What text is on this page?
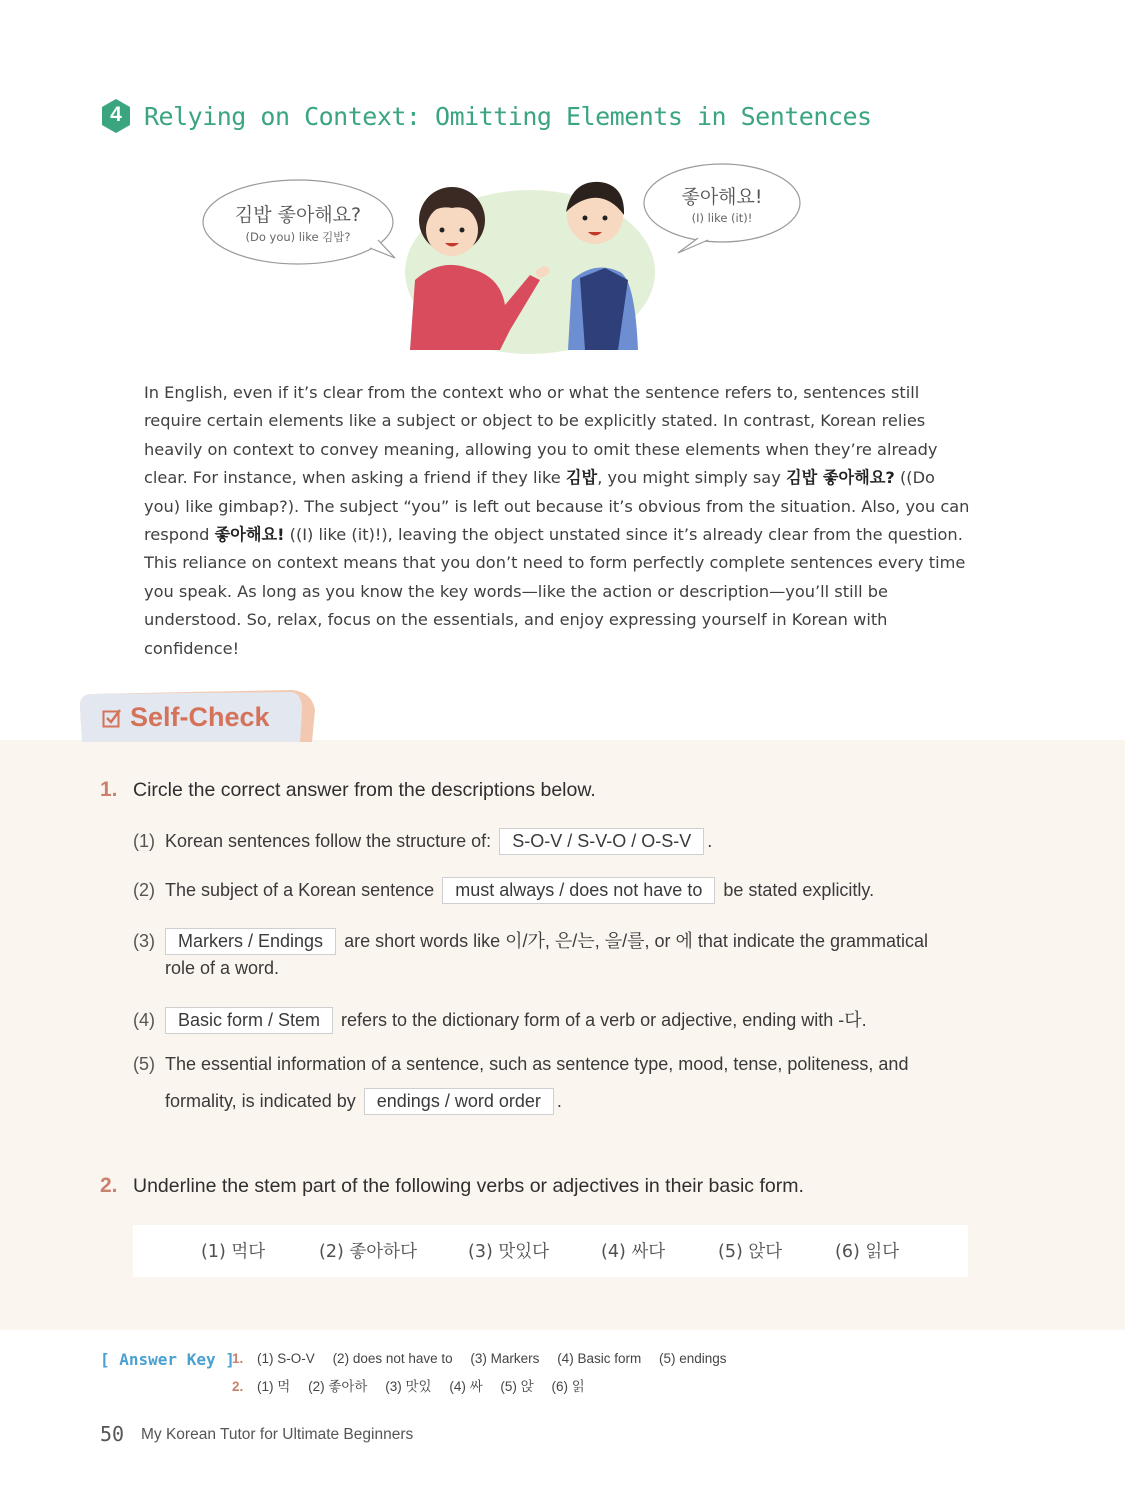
4 Relying on Context: Omitting Elements in Sentences
김밥 좋아해요?
(Do you) like 김밥?
좋아해요!
(I) like (it)!
In English, even if it’s clear from the context who or what the sentence refers to, sentences still require certain elements like a subject or object to be explicitly stated. In contrast, Korean relies heavily on context to convey meaning, allowing you to omit these elements when they’re already clear. For instance, when asking a friend if they like 김밥, you might simply say 김밥 좋아해요? ((Do you) like gimbap?). The subject “you” is left out because it’s obvious from the situation. Also, you can respond 좋아해요! ((I) like (it)!), leaving the object unstated since it’s already clear from the question. This reliance on context means that you don’t need to form perfectly complete sentences every time you speak. As long as you know the key words—like the action or description—you’ll still be understood. So, relax, focus on the essentials, and enjoy expressing yourself in Korean with confidence!
Self-Check
1. Circle the correct answer from the descriptions below.
(1) Korean sentences follow the structure of: S-O-V / S-V-O / O-S-V .
(2) The subject of a Korean sentence must always / does not have to be stated explicitly.
(3) Markers / Endings are short words like 이/가, 은/는, 을/를, or 에 that indicate the grammatical
role of a word.
(4) Basic form / Stem refers to the dictionary form of a verb or adjective, ending with -다.
(5) The essential information of a sentence, such as sentence type, mood, tense, politeness, and
formality, is indicated by endings / word order .
2. Underline the stem part of the following verbs or adjectives in their basic form.
(1) 먹다	(2) 좋아하다	(3) 맛있다	(4) 싸다	(5) 앉다	(6) 읽다
[ Answer Key ]
1. (1) S-O-V (2) does not have to (3) Markers (4) Basic form (5) endings
2. (1) 먹 (2) 좋아하 (3) 맛있 (4) 싸 (5) 앉 (6) 읽
50 My Korean Tutor for Ultimate Beginners
